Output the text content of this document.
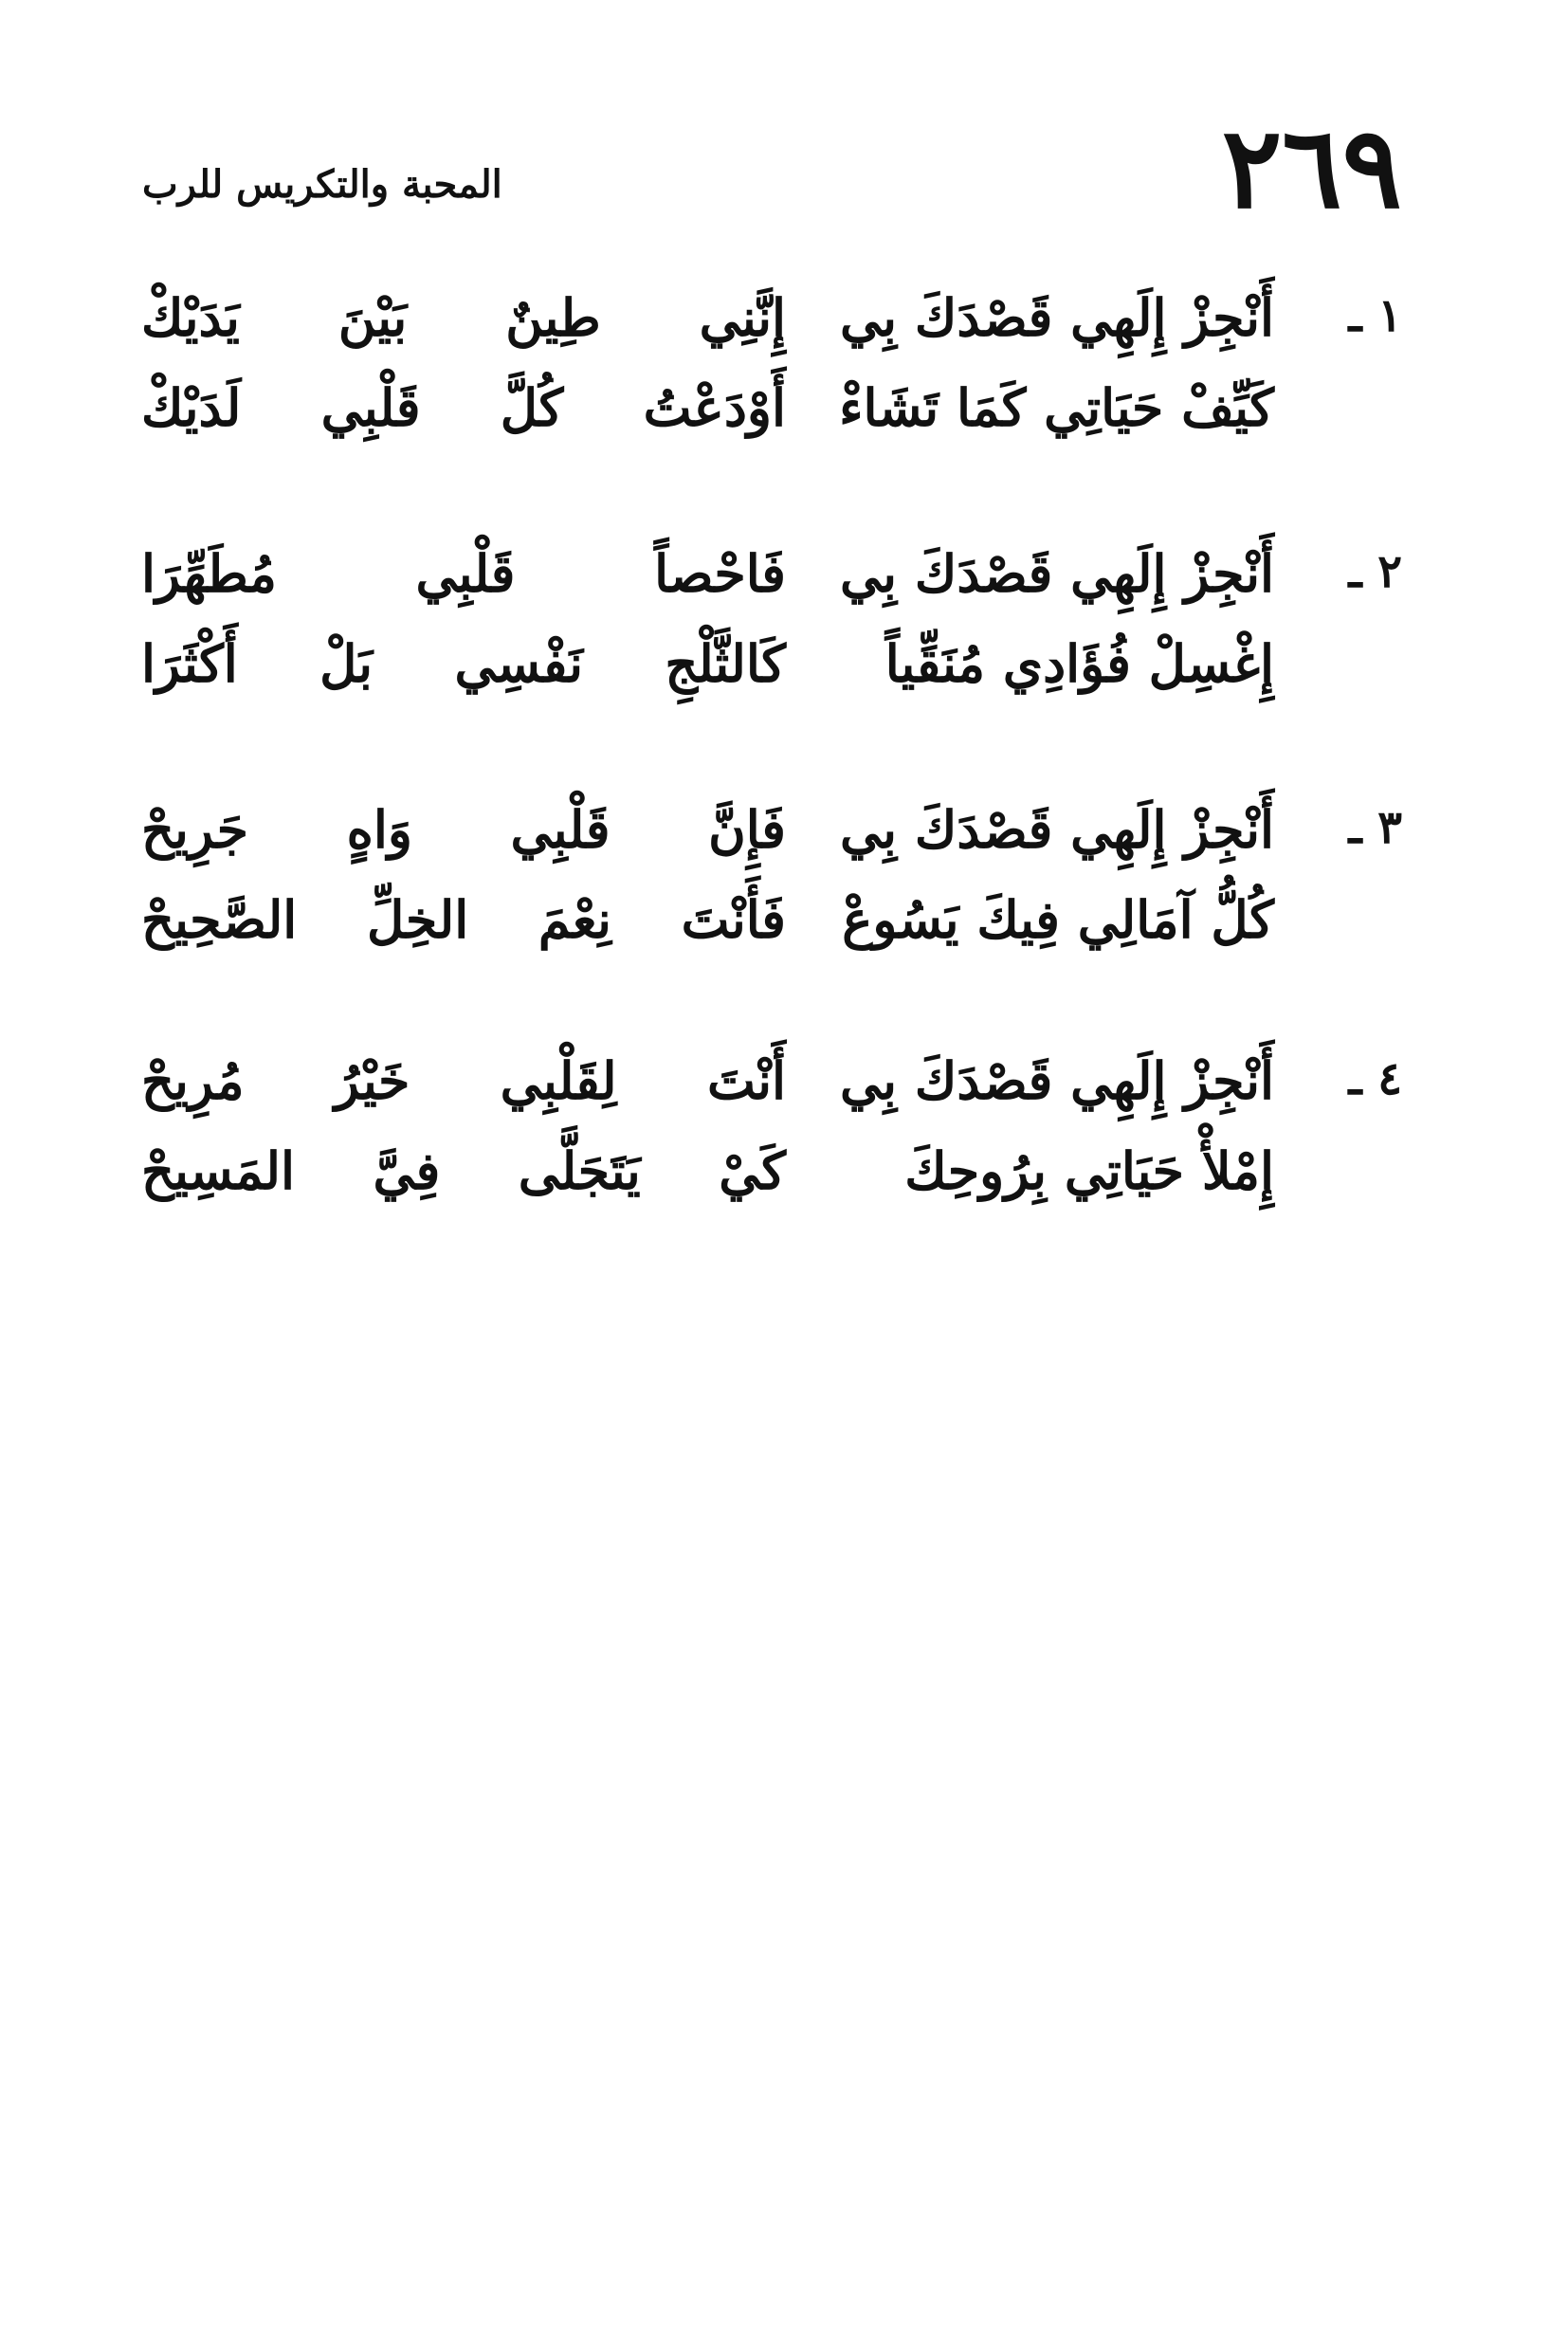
٢٦٩
المحبة والتكريس للرب
١ ـ
أَنْجِزْ إِلَهِي قَصْدَكَ بِي
إِنَّنِي طِينٌ بَيْنَ يَدَيْكْ
كَيِّفْ حَيَاتِي كَمَا تَشَاءْ
أَوْدَعْتُ كُلَّ قَلْبِي لَدَيْكْ
٢ ـ
أَنْجِزْ إِلَهِي قَصْدَكَ بِي
فَاحْصاً قَلْبِي مُطَهِّرَا
إِغْسِلْ فُؤَادِي مُنَقِّياً
كَالثَّلْجِ نَفْسِي بَلْ أَكْثَرَا
٣ ـ
أَنْجِزْ إِلَهِي قَصْدَكَ بِي
فَإِنَّ قَلْبِي وَاهٍ جَرِيحْ
كُلُّ آمَالِي فِيكَ يَسُوعْ
فَأَنْتَ نِعْمَ الخِلِّ الصَّحِيحْ
٤ ـ
أَنْجِزْ إِلَهِي قَصْدَكَ بِي
أَنْتَ لِقَلْبِي خَيْرُ مُرِيحْ
إِمْلأْ حَيَاتِي بِرُوحِكَ
كَيْ يَتَجَلَّى فِيَّ المَسِيحْ
